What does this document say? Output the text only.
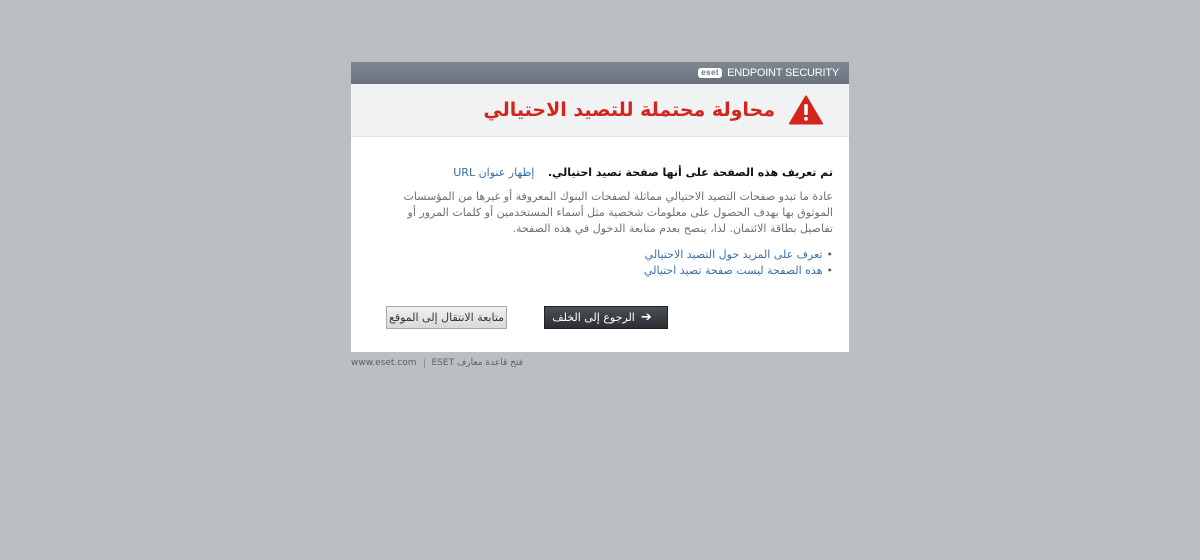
eset ENDPOINT SECURITY
محاولة محتملة للتصيد الاحتيالي
تم تعريف هذه الصفحة على أنها صفحة تصيد احتيالي. إظهار عنوان URL
عادة ما تبدو صفحات التصيد الاحتيالي مماثلة لصفحات البنوك المعروفة أو غيرها من المؤسسات الموثوق بها بهدف الحصول على معلومات شخصية مثل أسماء المستخدمين أو كلمات المرور أو تفاصيل بطاقة الائتمان. لذا، ينصح بعدم متابعة الدخول في هذه الصفحة.
•تعرف على المزيد حول التصيد الاحتيالي
•هذه الصفحة ليست صفحة تصيد احتيالي
➔
الرجوع إلى الخلف
متابعة الانتقال إلى الموقع
www.eset.com فتح قاعدة معارف ESET
